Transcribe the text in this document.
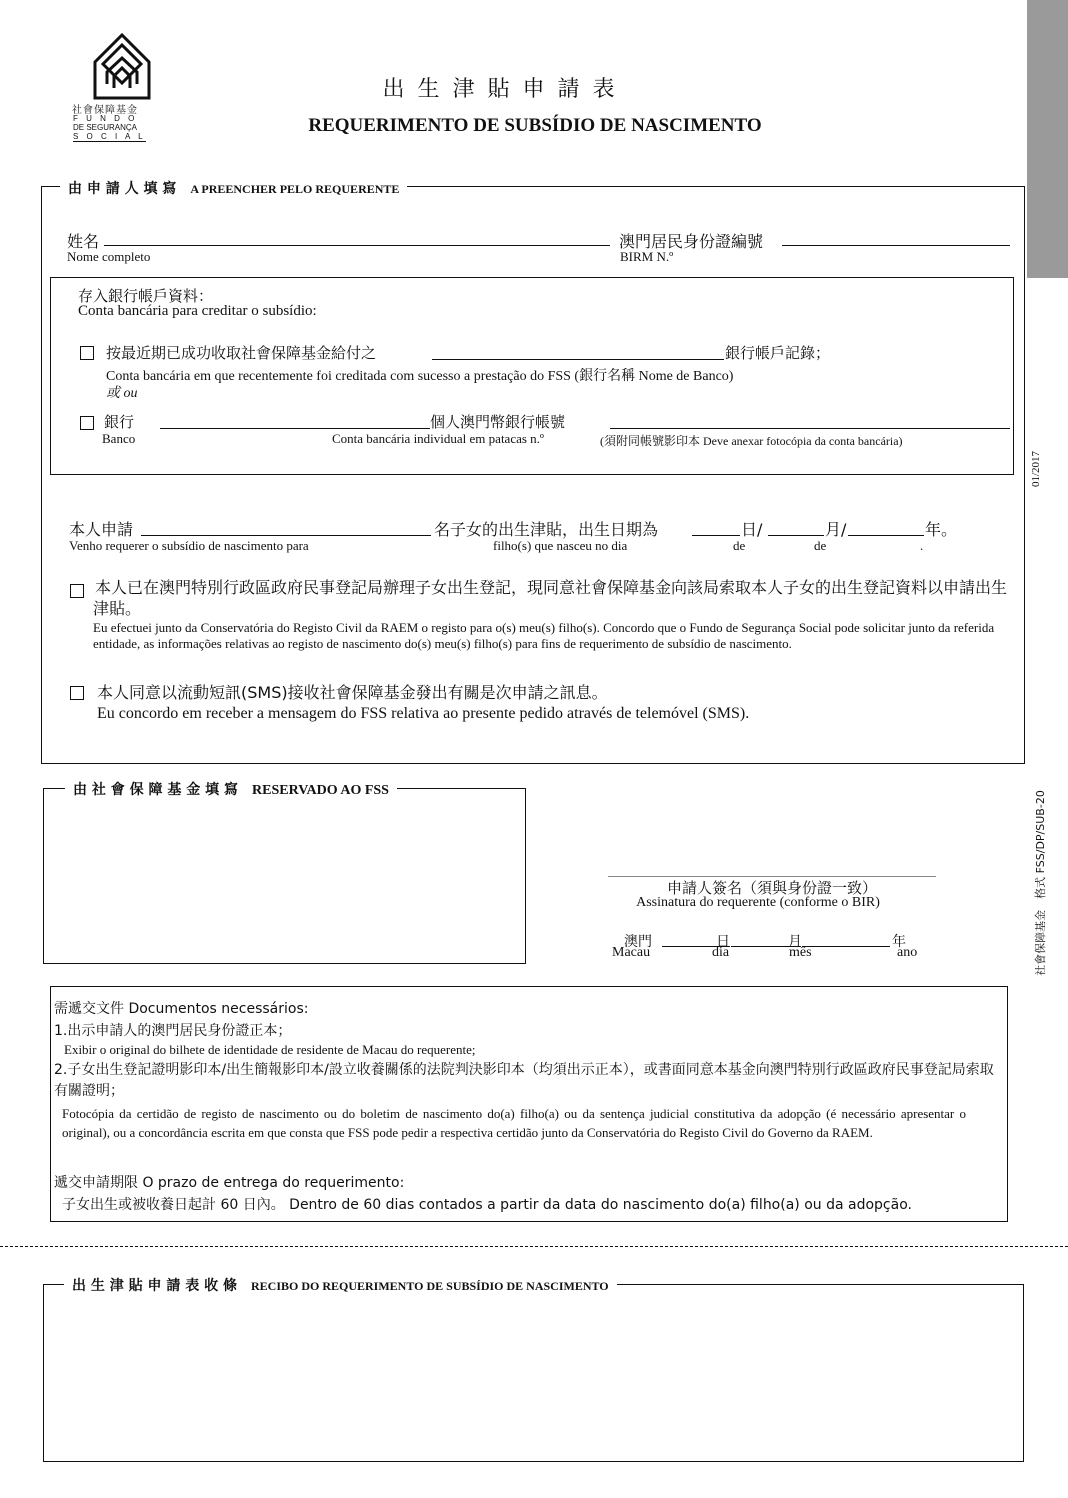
01/2017
社會保障基金　格式 FSS/DP/SUB-20
社會保障基金
F U N D O
DE SEGURANÇA
S O C I A L
出 生 津 貼 申 請 表
REQUERIMENTO DE SUBSÍDIO DE NASCIMENTO
由 申 請 人 填 寫 A PREENCHER PELO REQUERENTE
姓名
Nome completo
澳門居民身份證編號
BIRM N.º
存入銀行帳戶資料：
Conta bancária para creditar o subsídio:
按最近期已成功收取社會保障基金給付之	銀行帳戶記錄；
Conta bancária em que recentemente foi creditada com sucesso a prestação do FSS (銀行名稱 Nome de Banco)
或 ou
銀行
Banco
個人澳門幣銀行帳號
Conta bancária individual em patacas n.º	(須附同帳號影印本 Deve anexar fotocópia da conta bancária)
本人申請	名子女的出生津貼，出生日期為	日/	月/	年。
Venho requerer o subsídio de nascimento para	filho(s) que nasceu no dia	de	de	.
本人已在澳門特別行政區政府民事登記局辦理子女出生登記，現同意社會保障基金向該局索取本人子女的出生登記資料以申請出生津貼。
Eu efectuei junto da Conservatória do Registo Civil da RAEM o registo para o(s) meu(s) filho(s). Concordo que o Fundo de Segurança Social pode solicitar junto da referida entidade, as informações relativas ao registo de nascimento do(s) meu(s) filho(s) para fins de requerimento de subsídio de nascimento.
本人同意以流動短訊(SMS)接收社會保障基金發出有關是次申請之訊息。
Eu concordo em receber a mensagem do FSS relativa ao presente pedido através de telemóvel (SMS).
由 社 會 保 障 基 金 填 寫 RESERVADO AO FSS
申請人簽名（須與身份證一致）
Assinatura do requerente (conforme o BIR)
澳門
Macau
日
dia
月
mês
年
ano
需遞交文件 Documentos necessários:
1.出示申請人的澳門居民身份證正本；
Exibir o original do bilhete de identidade de residente de Macau do requerente;
2.子女出生登記證明影印本/出生簡報影印本/設立收養關係的法院判決影印本（均須出示正本），或書面同意本基金向澳門特別行政區政府民事登記局索取有關證明；
Fotocópia da certidão de registo de nascimento ou do boletim de nascimento do(a) filho(a) ou da sentença judicial constitutiva da adopção (é necessário apresentar o original), ou a concordância escrita em que consta que FSS pode pedir a respectiva certidão junto da Conservatória do Registo Civil do Governo da RAEM.
遞交申請期限 O prazo de entrega do requerimento:
子女出生或被收養日起計 60 日內。 Dentro de 60 dias contados a partir da data do nascimento do(a) filho(a) ou da adopção.
出 生 津 貼 申 請 表 收 條 RECIBO DO REQUERIMENTO DE SUBSÍDIO DE NASCIMENTO
